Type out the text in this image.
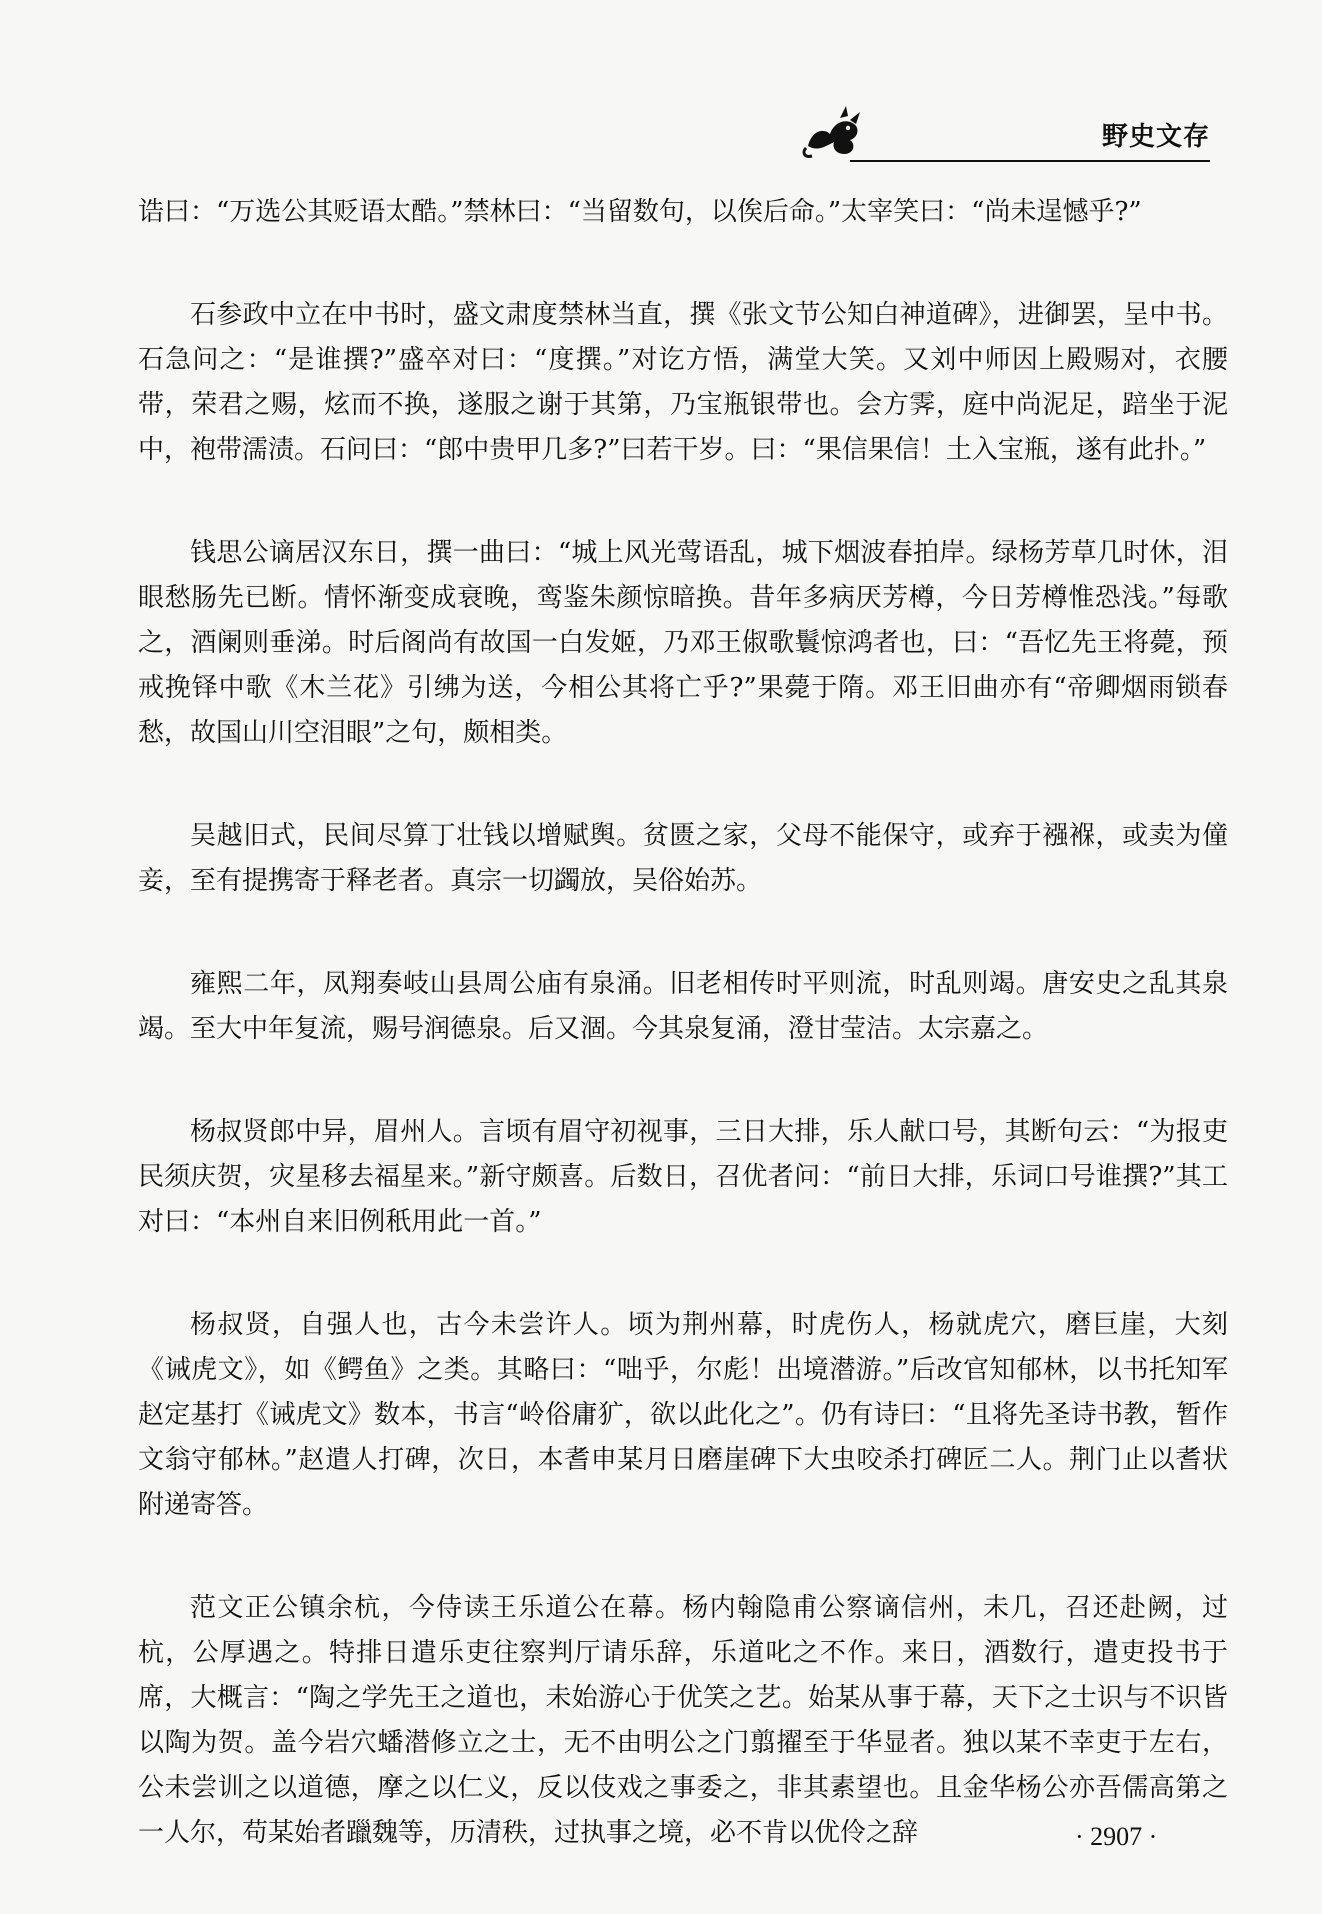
野史文存

诰曰：“万选公其贬语太酷。”禁林曰：“当留数句，以俟后命。”太宰笑曰：“尚未逞憾乎?”

石参政中立在中书时，盛文肃度禁林当直，撰《张文节公知白神道碑》，进御罢，呈中书。石急问之：“是谁撰?”盛卒对曰：“度撰。”对讫方悟，满堂大笑。又刘中师因上殿赐对，衣腰带，荣君之赐，炫而不换，遂服之谢于其第，乃宝瓶银带也。会方霁，庭中尚泥足，踣坐于泥中，袍带濡渍。石问曰：“郎中贵甲几多?”曰若干岁。曰：“果信果信！土入宝瓶，遂有此扑。”

钱思公谪居汉东日，撰一曲曰：“城上风光莺语乱，城下烟波春拍岸。绿杨芳草几时休，泪眼愁肠先已断。情怀渐变成衰晚，鸾鉴朱颜惊暗换。昔年多病厌芳樽，今日芳樽惟恐浅。”每歌之，酒阑则垂涕。时后阁尚有故国一白发姬，乃邓王俶歌鬟惊鸿者也，曰：“吾忆先王将薨，预戒挽铎中歌《木兰花》引绋为送，今相公其将亡乎?”果薨于隋。邓王旧曲亦有“帝卿烟雨锁春愁，故国山川空泪眼”之句，颇相类。

吴越旧式，民间尽算丁壮钱以增赋舆。贫匮之家，父母不能保守，或弃于襁褓，或卖为僮妾，至有提携寄于释老者。真宗一切蠲放，吴俗始苏。

雍熙二年，凤翔奏岐山县周公庙有泉涌。旧老相传时平则流，时乱则竭。唐安史之乱其泉竭。至大中年复流，赐号润德泉。后又涸。今其泉复涌，澄甘莹洁。太宗嘉之。

杨叔贤郎中异，眉州人。言顷有眉守初视事，三日大排，乐人献口号，其断句云：“为报吏民须庆贺，灾星移去福星来。”新守颇喜。后数日，召优者问：“前日大排，乐词口号谁撰?”其工对曰：“本州自来旧例秖用此一首。”

杨叔贤，自强人也，古今未尝许人。顷为荆州幕，时虎伤人，杨就虎穴，磨巨崖，大刻《诫虎文》，如《鳄鱼》之类。其略曰：“咄乎，尔彪！出境潜游。”后改官知郁林，以书托知军赵定基打《诫虎文》数本，书言“岭俗庸犷，欲以此化之”。仍有诗曰：“且将先圣诗书教，暂作文翁守郁林。”赵遣人打碑，次日，本耆申某月日磨崖碑下大虫咬杀打碑匠二人。荆门止以耆状附递寄答。

范文正公镇余杭，今侍读王乐道公在幕。杨内翰隐甫公察谪信州，未几，召还赴阙，过杭，公厚遇之。特排日遣乐吏往察判厅请乐辞，乐道叱之不作。来日，酒数行，遣吏投书于席，大概言：“陶之学先王之道也，未始游心于优笑之艺。始某从事于幕，天下之士识与不识皆以陶为贺。盖今岩穴蟠潜修立之士，无不由明公之门翦擢至于华显者。独以某不幸吏于左右，公未尝训之以道德，摩之以仁义，反以伎戏之事委之，非其素望也。且金华杨公亦吾儒高第之一人尔，苟某始者躐魏等，历清秩，过执事之境，必不肯以优伶之辞	· 2907 ·
